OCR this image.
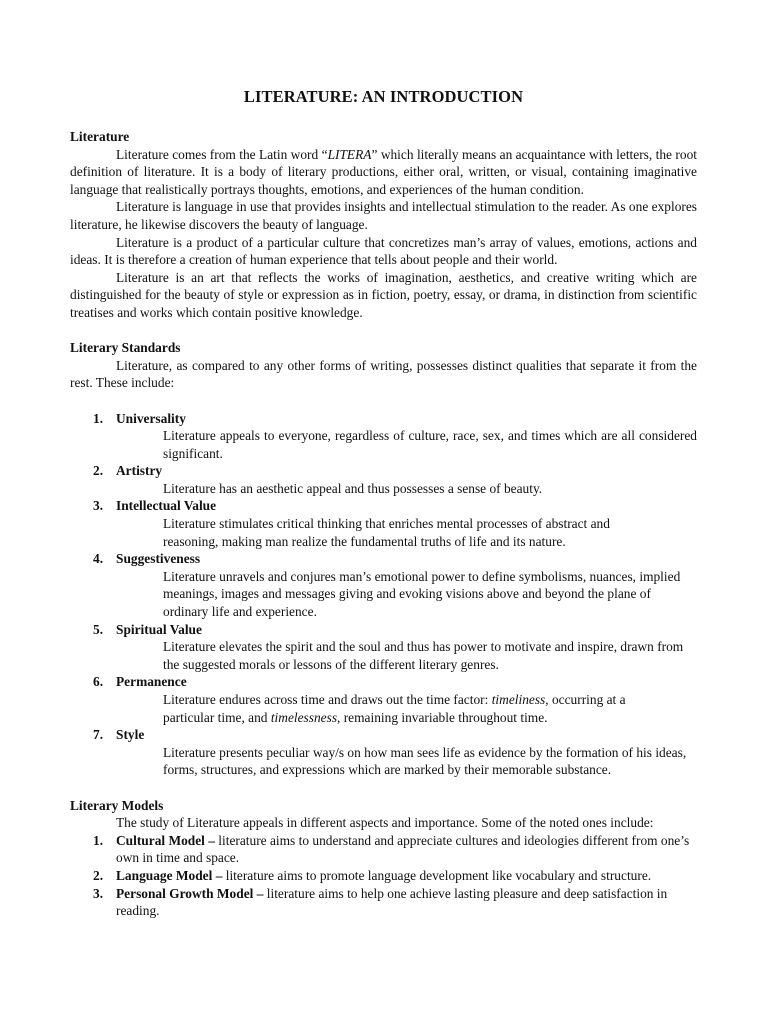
LITERATURE: AN INTRODUCTION

Literature

Literature comes from the Latin word “LITERA” which literally means an acquaintance with letters, the root definition of literature. It is a body of literary productions, either oral, written, or visual, containing imaginative language that realistically portrays thoughts, emotions, and experiences of the human condition.

Literature is language in use that provides insights and intellectual stimulation to the reader. As one explores literature, he likewise discovers the beauty of language.

Literature is a product of a particular culture that concretizes man’s array of values, emotions, actions and ideas. It is therefore a creation of human experience that tells about people and their world.

Literature is an art that reflects the works of imagination, aesthetics, and creative writing which are distinguished for the beauty of style or expression as in fiction, poetry, essay, or drama, in distinction from scientific treatises and works which contain positive knowledge.

Literary Standards

Literature, as compared to any other forms of writing, possesses distinct qualities that separate it from the rest. These include:

1. Universality

Literature appeals to everyone, regardless of culture, race, sex, and times which are all considered significant.

2. Artistry

Literature has an aesthetic appeal and thus possesses a sense of beauty.

3. Intellectual Value

Literature stimulates critical thinking that enriches mental processes of abstract and reasoning, making man realize the fundamental truths of life and its nature.

4. Suggestiveness

Literature unravels and conjures man’s emotional power to define symbolisms, nuances, implied meanings, images and messages giving and evoking visions above and beyond the plane of ordinary life and experience.

5. Spiritual Value

Literature elevates the spirit and the soul and thus has power to motivate and inspire, drawn from the suggested morals or lessons of the different literary genres.

6. Permanence

Literature endures across time and draws out the time factor: timeliness, occurring at a particular time, and timelessness, remaining invariable throughout time.

7. Style

Literature presents peculiar way/s on how man sees life as evidence by the formation of his ideas, forms, structures, and expressions which are marked by their memorable substance.

Literary Models

The study of Literature appeals in different aspects and importance. Some of the noted ones include:

1. Cultural Model – literature aims to understand and appreciate cultures and ideologies different from one’s own in time and space.
2. Language Model – literature aims to promote language development like vocabulary and structure.
3. Personal Growth Model – literature aims to help one achieve lasting pleasure and deep satisfaction in reading.
